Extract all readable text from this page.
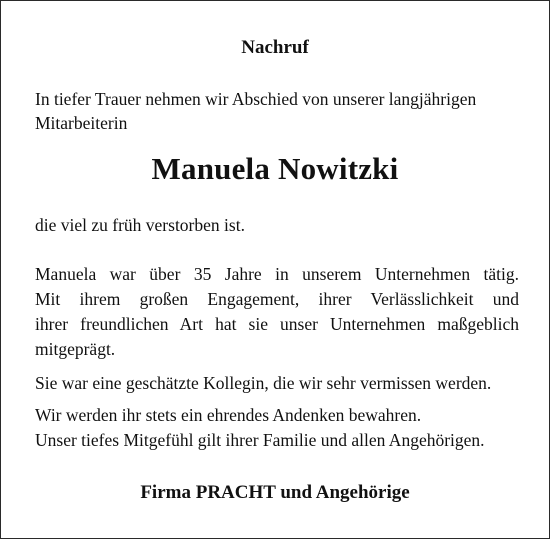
Nachruf
In tiefer Trauer nehmen wir Abschied von unserer langjährigen Mitarbeiterin
Manuela Nowitzki
die viel zu früh verstorben ist.
Manuela war über 35 Jahre in unserem Unternehmen tätig.
Mit ihrem großen Engagement, ihrer Verlässlichkeit und
ihrer freundlichen Art hat sie unser Unternehmen maßgeblich
mitgeprägt.
Sie war eine geschätzte Kollegin, die wir sehr vermissen werden.
Wir werden ihr stets ein ehrendes Andenken bewahren.
Unser tiefes Mitgefühl gilt ihrer Familie und allen Angehörigen.
Firma PRACHT und Angehörige
